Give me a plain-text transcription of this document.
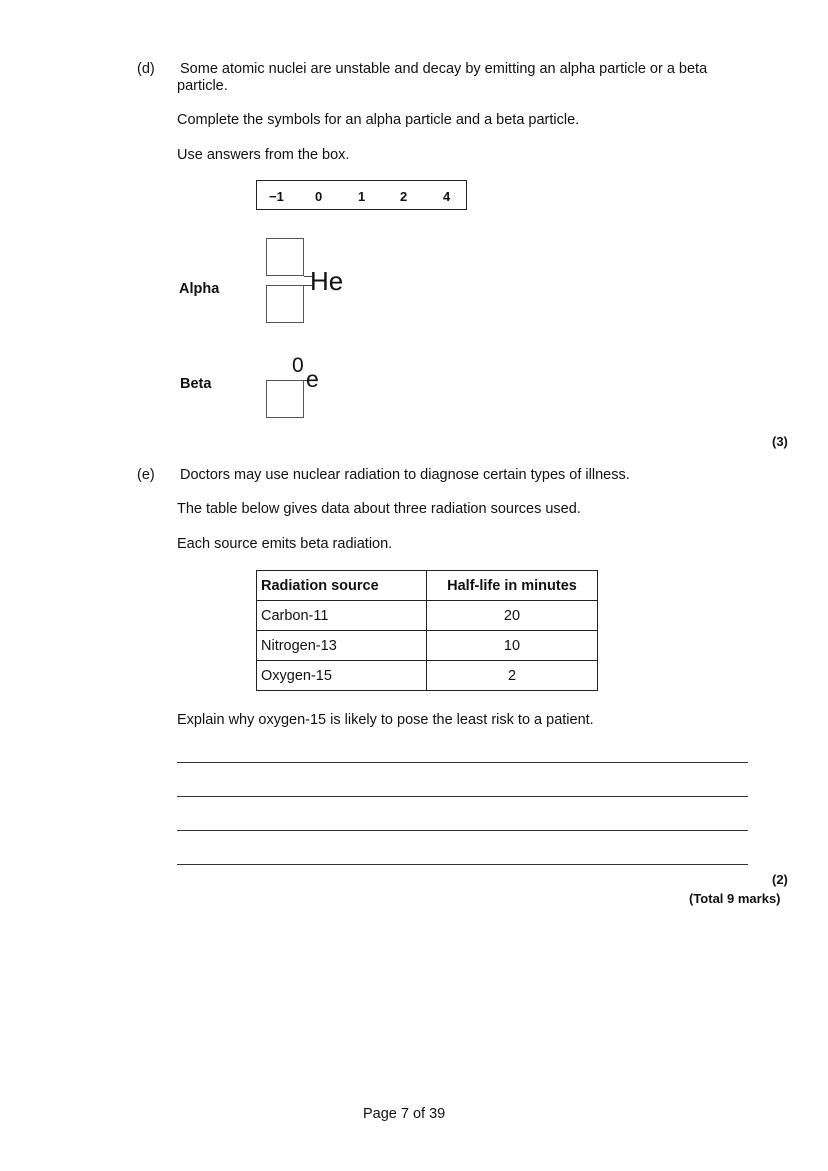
(d) Some atomic nuclei are unstable and decay by emitting an alpha particle or a beta
particle.
Complete the symbols for an alpha particle and a beta particle.
Use answers from the box.
−1 0	1	2	4
Alpha	He
Beta
0
e
(3)
(e) Doctors may use nuclear radiation to diagnose certain types of illness.
The table below gives data about three radiation sources used.
Each source emits beta radiation.
Radiation source	Half-life in minutes
Carbon-11	20
Nitrogen-13	10
Oxygen-15	2
Explain why oxygen-15 is likely to pose the least risk to a patient.
(2)
(Total 9 marks)
Page 7 of 39
